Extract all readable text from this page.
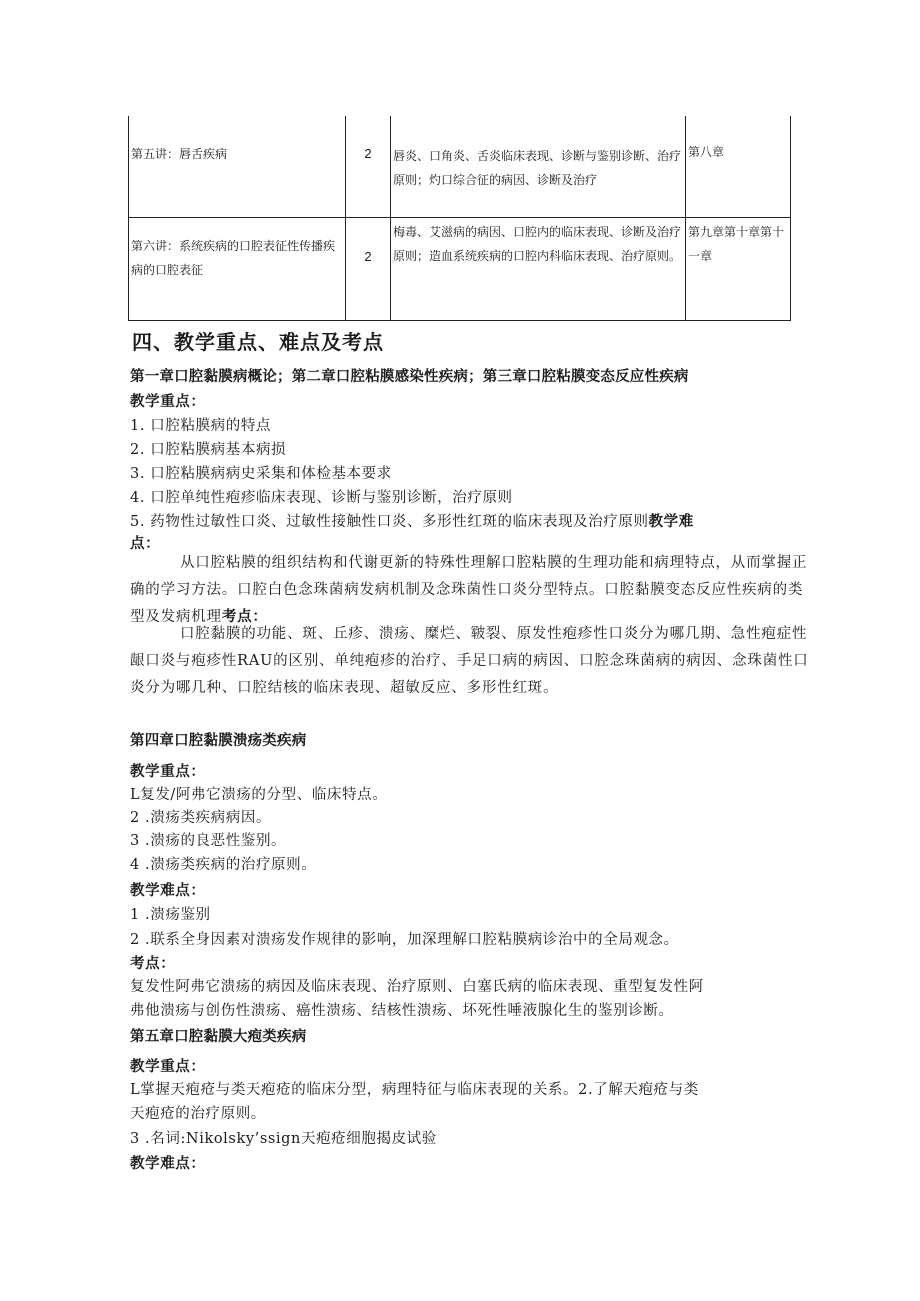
第五讲：唇舌疾病	2	唇炎、口角炎、舌炎临床表现、诊断与鉴别诊断、治疗原则；灼口综合征的病因、诊断及治疗	第八章
第六讲：系统疾病的口腔表征性传播疾病的口腔表征	2	梅毒、艾滋病的病因、口腔内的临床表现、诊断及治疗原则；造血系统疾病的口腔内科临床表现、治疗原则。	第九章第十章第十一章
四、教学重点、难点及考点
第一章口腔黏膜病概论；第二章口腔粘膜感染性疾病；第三章口腔粘膜变态反应性疾病
教学重点：
1. 口腔粘膜病的特点
2. 口腔粘膜病基本病损
3. 口腔粘膜病病史采集和体检基本要求
4. 口腔单纯性疱疹临床表现、诊断与鉴别诊断，治疗原则
5. 药物性过敏性口炎、过敏性接触性口炎、多形性红斑的临床表现及治疗原则教学难
点：
从口腔粘膜的组织结构和代谢更新的特殊性理解口腔粘膜的生理功能和病理特点，从而掌握正确的学习方法。口腔白色念珠菌病发病机制及念珠菌性口炎分型特点。口腔黏膜变态反应性疾病的类型及发病机理考点：
口腔黏膜的功能、斑、丘疹、溃疡、糜烂、皲裂、原发性疱疹性口炎分为哪几期、急性疱症性龈口炎与疱疹性RAU的区别、单纯疱疹的治疗、手足口病的病因、口腔念珠菌病的病因、念珠菌性口炎分为哪几种、口腔结核的临床表现、超敏反应、多形性红斑。
第四章口腔黏膜溃疡类疾病
教学重点：
L复发/阿弗它溃疡的分型、临床特点。
2 .溃疡类疾病病因。
3 .溃疡的良恶性鉴别。
4 .溃疡类疾病的治疗原则。
教学难点：
1 .溃疡鉴别
2 .联系全身因素对溃疡发作规律的影响，加深理解口腔粘膜病诊治中的全局观念。
考点：
复发性阿弗它溃疡的病因及临床表现、治疗原则、白塞氏病的临床表现、重型复发性阿
弗他溃疡与创伤性溃疡、癌性溃疡、结核性溃疡、坏死性唾液腺化生的鉴别诊断。
第五章口腔黏膜大疱类疾病
教学重点：
L掌握天疱疮与类天疱疮的临床分型，病理特征与临床表现的关系。2.了解天疱疮与类
天疱疮的治疗原则。
3 .名词:Nikolsky’ssign天疱疮细胞揭皮试验
教学难点：
